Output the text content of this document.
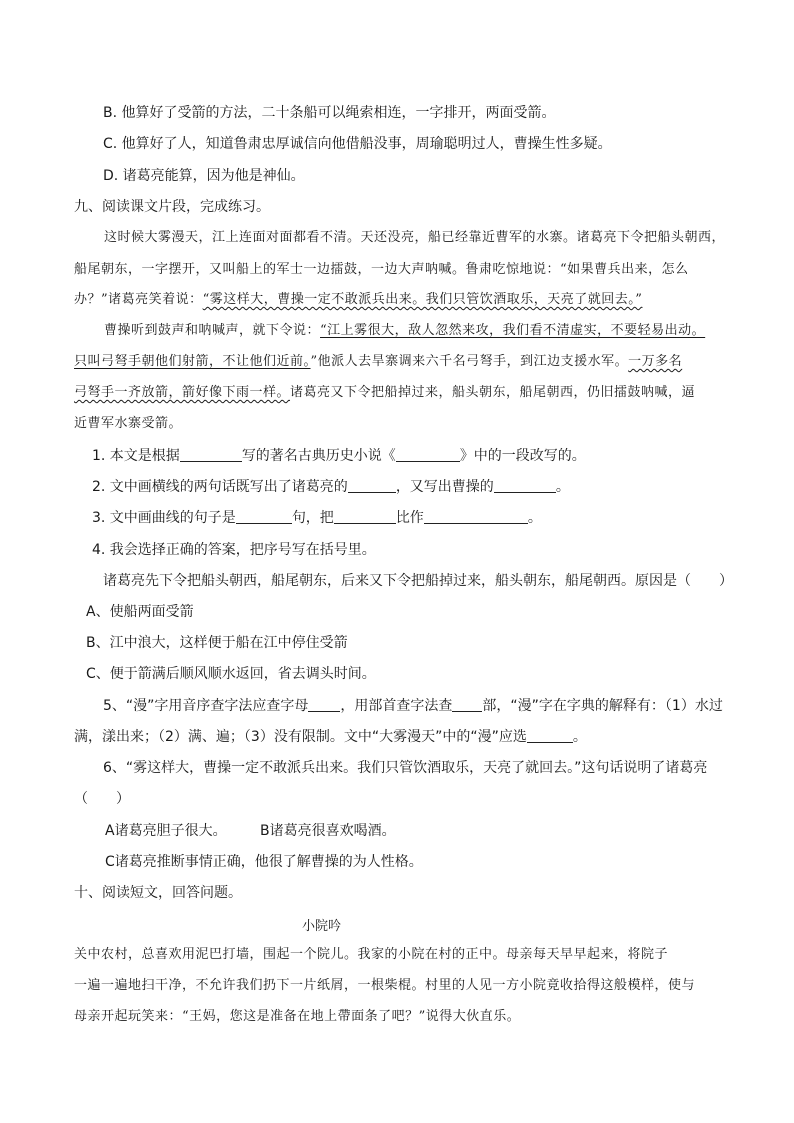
B. 他算好了受箭的方法，二十条船可以绳索相连，一字排开，两面受箭。
C. 他算好了人，知道鲁肃忠厚诚信向他借船没事，周瑜聪明过人，曹操生性多疑。
D. 诸葛亮能算，因为他是神仙。
九、阅读课文片段，完成练习。
这时候大雾漫天，江上连面对面都看不清。天还没亮，船已经靠近曹军的水寨。诸葛亮下令把船头朝西，
船尾朝东，一字摆开，又叫船上的军士一边擂鼓，一边大声呐喊。鲁肃吃惊地说：“如果曹兵出来，怎么
办？”诸葛亮笑着说：“雾这样大，曹操一定不敢派兵出来。我们只管饮酒取乐，天亮了就回去。”
曹操听到鼓声和呐喊声，就下令说：“江上雾很大，敌人忽然来攻，我们看不清虚实，不要轻易出动。
只叫弓弩手朝他们射箭，不让他们近前。”他派人去旱寨调来六千名弓弩手，到江边支援水军。一万多名
弓弩手一齐放箭，箭好像下雨一样。诸葛亮又下令把船掉过来，船头朝东，船尾朝西，仍旧擂鼓呐喊，逼
近曹军水寨受箭。
1. 本文是根据	写的著名古典历史小说《	》中的一段改写的。
2. 文中画横线的两句话既写出了诸葛亮的	，又写出曹操的	。
3. 文中画曲线的句子是	句，把	比作	。
4. 我会选择正确的答案，把序号写在括号里。
诸葛亮先下令把船头朝西，船尾朝东，后来又下令把船掉过来，船头朝东，船尾朝西。原因是（　　）
A、使船两面受箭
B、江中浪大，这样便于船在江中停住受箭
C、便于箭满后顺风顺水返回，省去调头时间。
5、“漫”字用音序查字法应查字母 ，用部首查字法查 部，“漫”字在字典的解释有：（1）水过
满，漾出来；（2）满、遍；（3）没有限制。文中“大雾漫天”中的“漫”应选	。
6、“雾这样大，曹操一定不敢派兵出来。我们只管饮酒取乐，天亮了就回去。”这句话说明了诸葛亮
（　　）
A诸葛亮胆子很大。 B诸葛亮很喜欢喝酒。
C诸葛亮推断事情正确，他很了解曹操的为人性格。
十、阅读短文，回答问题。
小院吟
关中农村，总喜欢用泥巴打墙，围起一个院儿。我家的小院在村的正中。母亲每天早早起来，将院子
一遍一遍地扫干净，不允许我们扔下一片纸屑，一根柴棍。村里的人见一方小院竟收拾得这般模样，使与
母亲开起玩笑来：“王妈，您这是准备在地上帶面条了吧？”说得大伙直乐。
